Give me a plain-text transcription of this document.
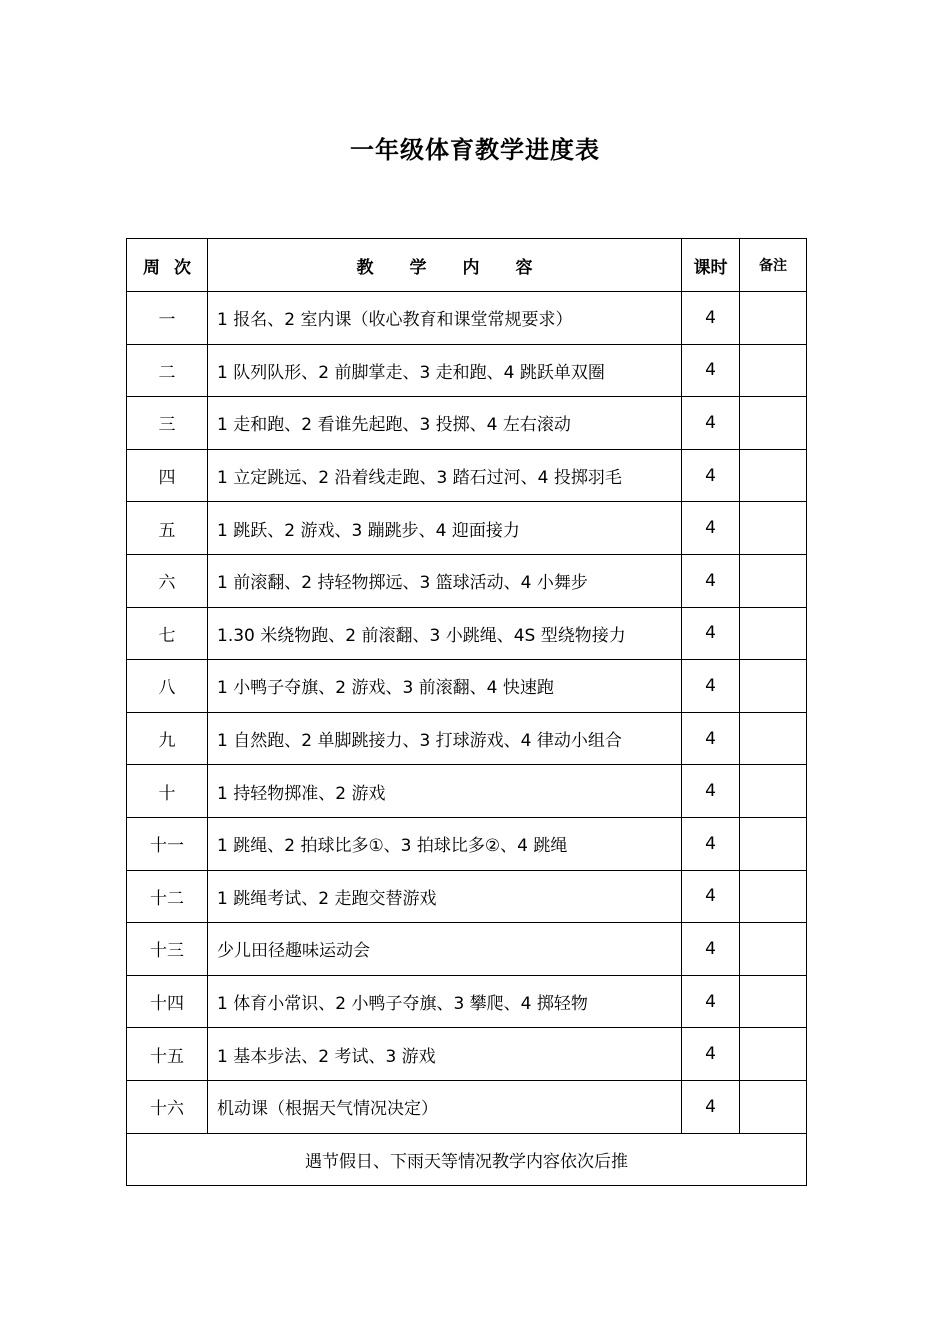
一年级体育教学进度表
周次	教学内容	课时	备注
一	1 报名、2 室内课（收心教育和课堂常规要求）	4	
二	1 队列队形、2 前脚掌走、3 走和跑、4 跳跃单双圈	4	
三	1 走和跑、2 看谁先起跑、3 投掷、4 左右滚动	4	
四	1 立定跳远、2 沿着线走跑、3 踏石过河、4 投掷羽毛	4	
五	1 跳跃、2 游戏、3 蹦跳步、4 迎面接力	4	
六	1 前滚翻、2 持轻物掷远、3 篮球活动、4 小舞步	4	
七	1.30 米绕物跑、2 前滚翻、3 小跳绳、4S 型绕物接力	4	
八	1 小鸭子夺旗、2 游戏、3 前滚翻、4 快速跑	4	
九	1 自然跑、2 单脚跳接力、3 打球游戏、4 律动小组合	4	
十	1 持轻物掷准、2 游戏	4	
十一	1 跳绳、2 拍球比多①、3 拍球比多②、4 跳绳	4	
十二	1 跳绳考试、2 走跑交替游戏	4	
十三	少儿田径趣味运动会	4	
十四	1 体育小常识、2 小鸭子夺旗、3 攀爬、4 掷轻物	4	
十五	1 基本步法、2 考试、3 游戏	4	
十六	机动课（根据天气情况决定）	4	
遇节假日、下雨天等情况教学内容依次后推			
